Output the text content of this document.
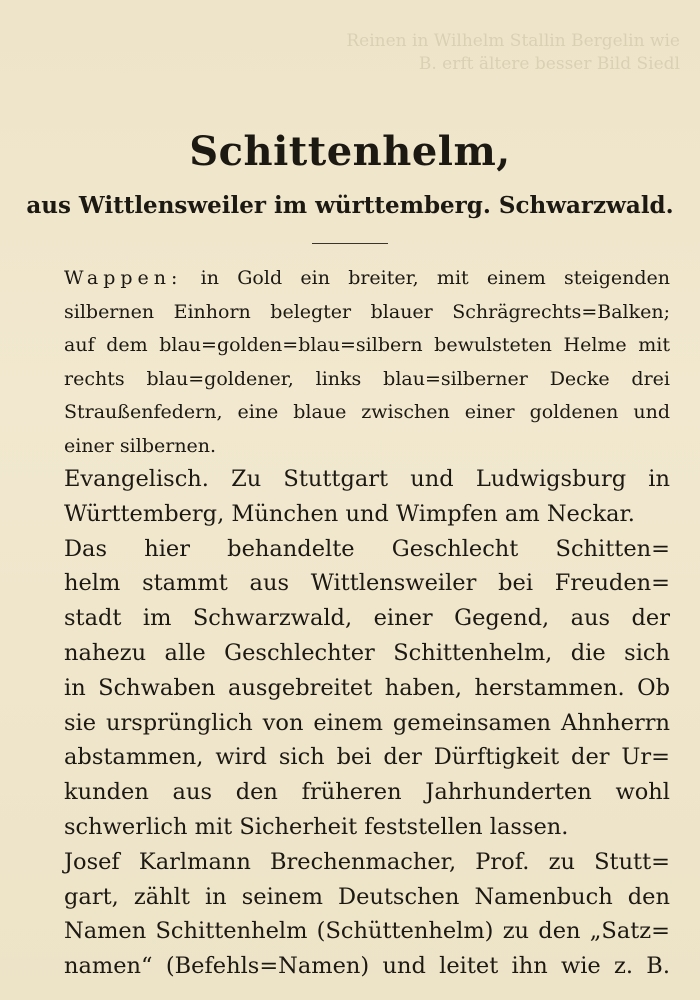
Reinen in Wilhelm Stallin Bergelin wie
B. erft ältere besser Bild Siedl
Schittenhelm,
aus Wittlensweiler im württemberg. Schwarzwald.
Wappen: in Gold ein breiter, mit einem steigenden
silbernen Einhorn belegter blauer Schrägrechts=Balken;
auf dem blau=golden=blau=silbern bewulsteten Helme mit
rechts blau=goldener, links blau=silberner Decke drei
Straußenfedern, eine blaue zwischen einer goldenen und
einer silbernen.
Evangelisch. Zu Stuttgart und Ludwigsburg in
Württemberg, München und Wimpfen am Neckar.
Das hier behandelte Geschlecht Schitten=
helm stammt aus Wittlensweiler bei Freuden=
stadt im Schwarzwald, einer Gegend, aus der
nahezu alle Geschlechter Schittenhelm, die sich
in Schwaben ausgebreitet haben, herstammen. Ob
sie ursprünglich von einem gemeinsamen Ahnherrn
abstammen, wird sich bei der Dürftigkeit der Ur=
kunden aus den früheren Jahrhunderten wohl
schwerlich mit Sicherheit feststellen lassen.
Josef Karlmann Brechenmacher, Prof. zu Stutt=
gart, zählt in seinem Deutschen Namenbuch den
Namen Schittenhelm (Schüttenhelm) zu den „Satz=
namen“ (Befehls=Namen) und leitet ihn wie z. B.
